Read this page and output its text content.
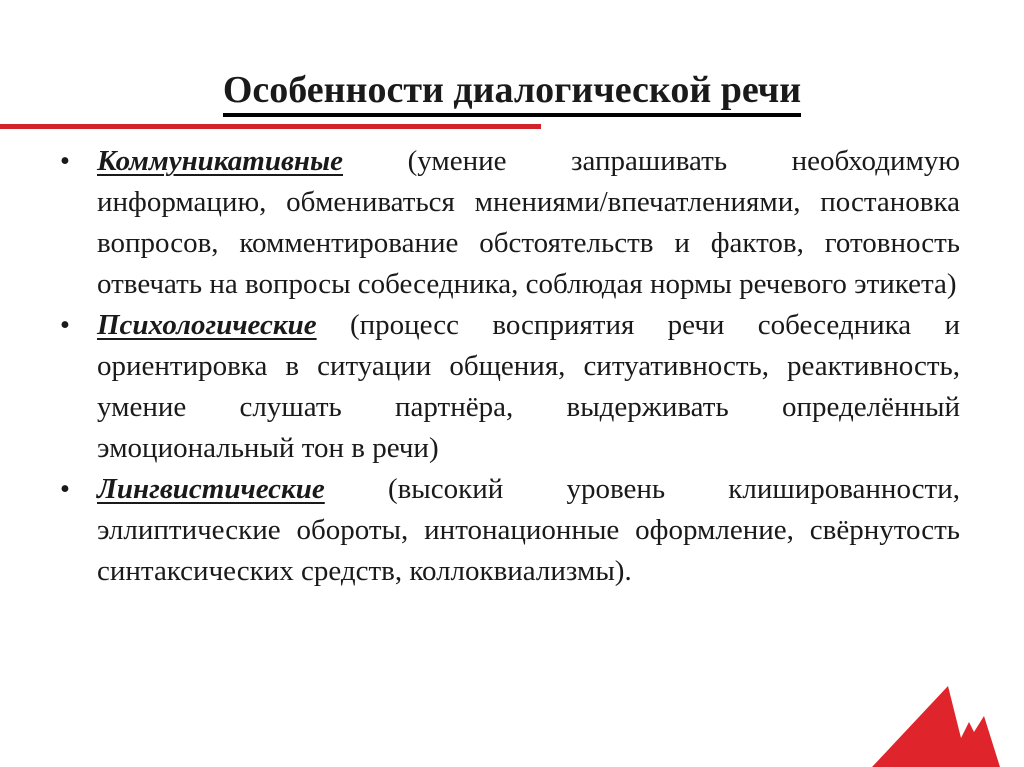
Особенности диалогической речи
• Коммуникативные (умение запрашивать необходимую информацию, обмениваться мнениями/впечатлениями, постановка вопросов, комментирование обстоятельств и фактов, готовность отвечать на вопросы собеседника, соблюдая нормы речевого этикета)
• Психологические (процесс восприятия речи собеседника и ориентировка в ситуации общения, ситуативность, реактивность, умение слушать партнёра, выдерживать определённый эмоциональный тон в речи)
• Лингвистические (высокий уровень клишированности, эллиптические обороты, интонационные оформление, свёрнутость синтаксических средств, коллоквиализмы).
